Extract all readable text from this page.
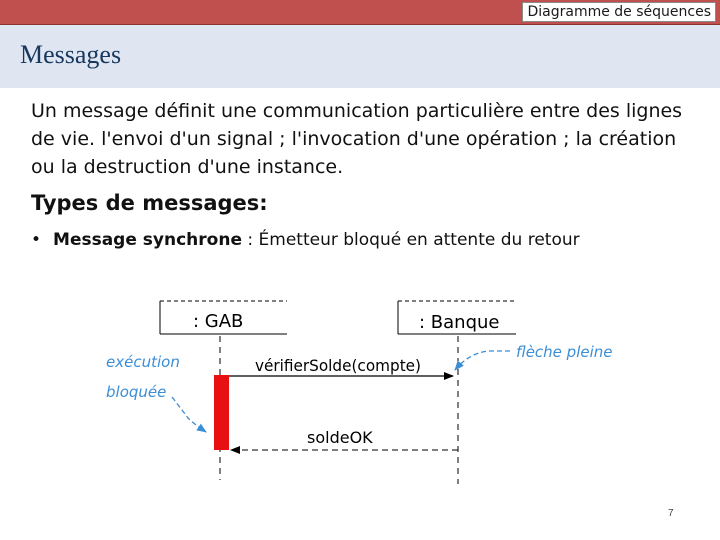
Diagramme de séquences
Messages
Un message définit une communication particulière entre des lignes de vie. l'envoi d'un signal ; l'invocation d'une opération ; la création ou la destruction d'une instance.
Types de messages:
• Message synchrone : Émetteur bloqué en attente du retour
: GAB	: Banque
vérifierSolde(compte)
soldeOK
exécution
bloquée
flèche pleine
7
